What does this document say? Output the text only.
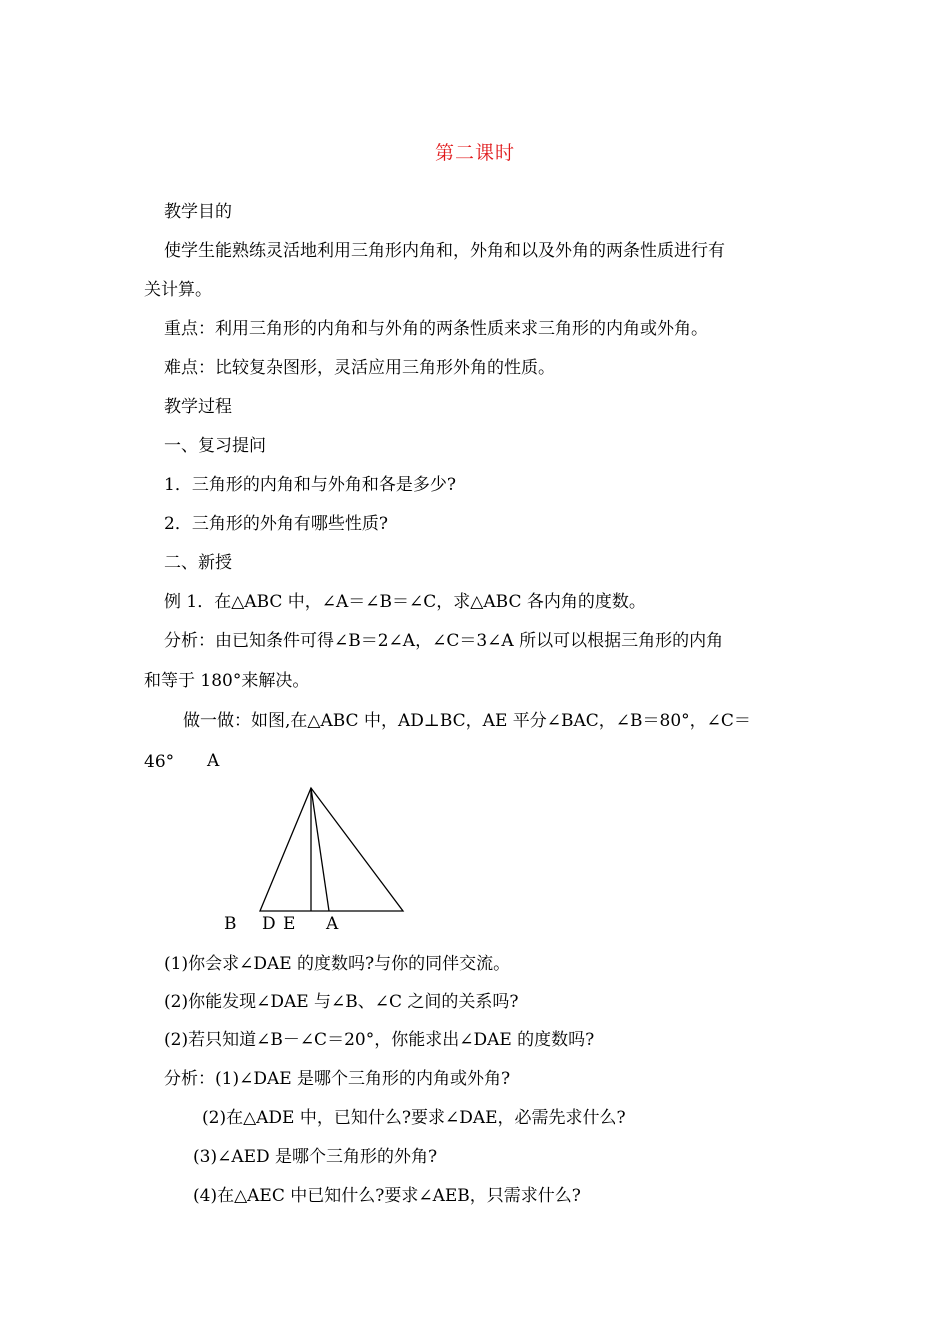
第二课时
教学目的
使学生能熟练灵活地利用三角形内角和，外角和以及外角的两条性质进行有
关计算。
重点：利用三角形的内角和与外角的两条性质来求三角形的内角或外角。
难点：比较复杂图形，灵活应用三角形外角的性质。
教学过程
一、复习提问
1．三角形的内角和与外角和各是多少?
2．三角形的外角有哪些性质?
二、新授
例 1．在△ABC 中，∠A＝∠B＝∠C，求△ABC 各内角的度数。
分析：由已知条件可得∠B＝2∠A，∠C＝3∠A 所以可以根据三角形的内角
和等于 180°来解决。
做一做：如图,在△ABC 中，AD⊥BC，AE 平分∠BAC，∠B＝80°，∠C＝
46° A
B D E A
(1)你会求∠DAE 的度数吗?与你的同伴交流。
(2)你能发现∠DAE 与∠B、∠C 之间的关系吗?
(2)若只知道∠B－∠C＝20°，你能求出∠DAE 的度数吗?
分析：(1)∠DAE 是哪个三角形的内角或外角?
(2)在△ADE 中，已知什么?要求∠DAE，必需先求什么?
(3)∠AED 是哪个三角形的外角?
(4)在△AEC 中已知什么?要求∠AEB，只需求什么?
